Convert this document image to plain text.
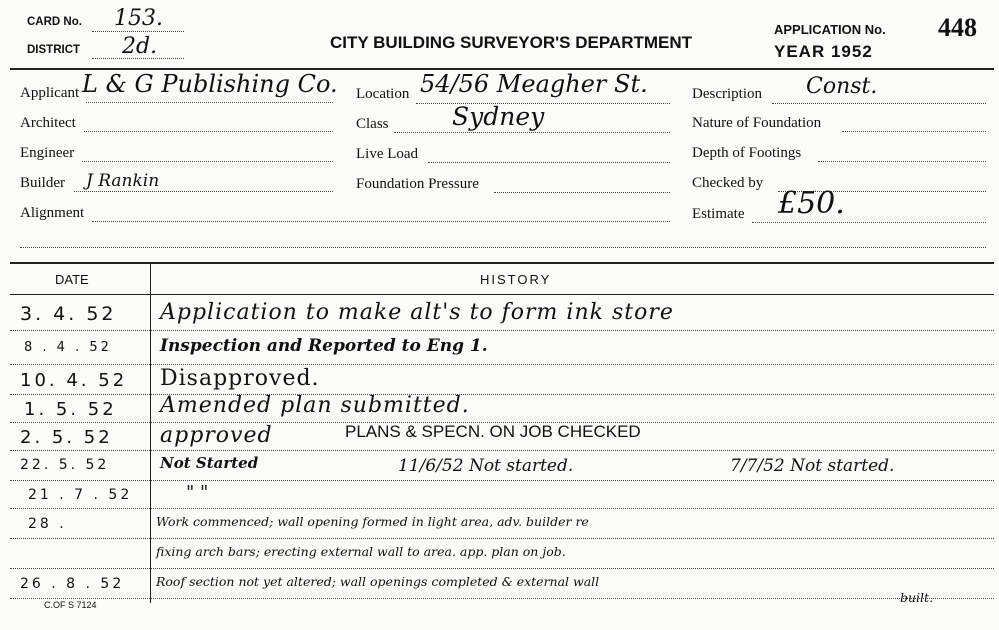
CARD No. 153.
DISTRICT 2d.	CITY BUILDING SURVEYOR'S DEPARTMENT
APPLICATION No. 448
YEAR 1952
Applicant L & G Publishing Co.
Architect
Engineer
Builder J Rankin
Alignment
Location 54/56 Meagher St.
Class	Sydney
Live Load
Foundation Pressure
Description Const.
Nature of Foundation
Depth of Footings
Checked by
Estimate £50.
DATE	HISTORY
3. 4. 52 Application to make alt's to form ink store
8 . 4 . 52	Inspection and Reported to Eng 1.
10. 4. 52 Disapproved.
1. 5. 52 Amended plan submitted.
2. 5. 52 approved	PLANS & SPECN. ON JOB CHECKED
22. 5. 52	Not Started	11/6/52 Not started.	7/7/52 Not started.
21 . 7 . 52	" "
28 .	Work commenced; wall opening formed in light area, adv. builder re
fixing arch bars; erecting external wall to area. app. plan on job.
26 . 8 . 52	Roof section not yet altered; wall openings completed & external wall
built.
C.OF S 7124
